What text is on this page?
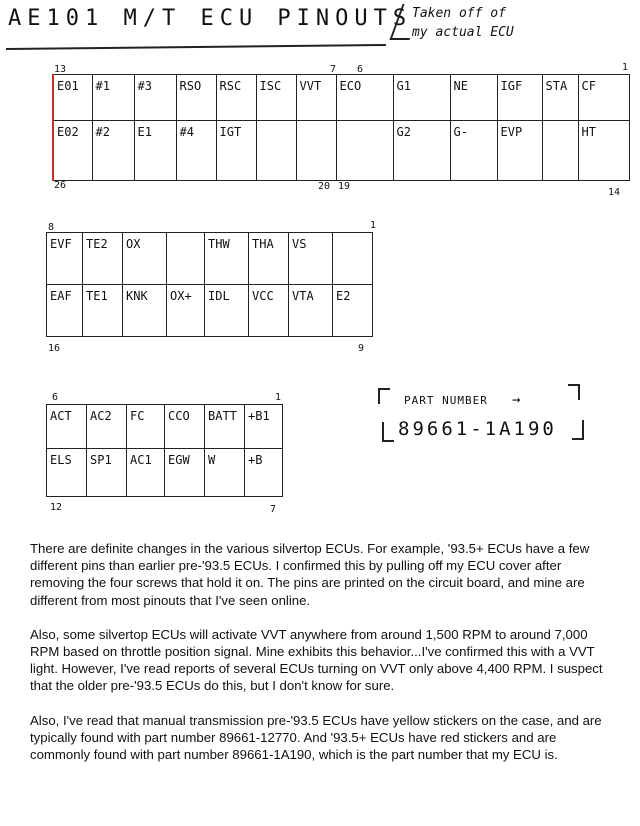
AE101 M/T ECU PINOUTS Taken off of
my actual ECU
13	7 6	1
26	20 19
14
E01	#1	#3	RSO	RSC	ISC	VVT	ECO	G1	NE	IGF	STA	CF
E02	#2	E1	#4	IGT				G2	G-	EVP		HT
8	1
16	9
EVF	TE2	OX		THW	THA	VS	
EAF	TE1	KNK	OX+	IDL	VCC	VTA	E2
6	1
12	7
ACT	AC2	FC	CCO	BATT	+B1
ELS	SP1	AC1	EGW	W	+B
PART NUMBER →
89661-1A190

There are definite changes in the various silvertop ECUs. For example, '93.5+ ECUs have a few different pins than earlier pre-'93.5 ECUs. I confirmed this by pulling off my ECU cover after removing the four screws that hold it on. The pins are printed on the circuit board, and mine are different from most pinouts that I've seen online.

Also, some silvertop ECUs will activate VVT anywhere from around 1,500 RPM to around 7,000 RPM based on throttle position signal. Mine exhibits this behavior...I've confirmed this with a VVT light. However, I've read reports of several ECUs turning on VVT only above 4,400 RPM. I suspect that the older pre-'93.5 ECUs do this, but I don't know for sure.

Also, I've read that manual transmission pre-'93.5 ECUs have yellow stickers on the case, and are typically found with part number 89661-12770. And '93.5+ ECUs have red stickers and are commonly found with part number 89661-1A190, which is the part number that my ECU is.
